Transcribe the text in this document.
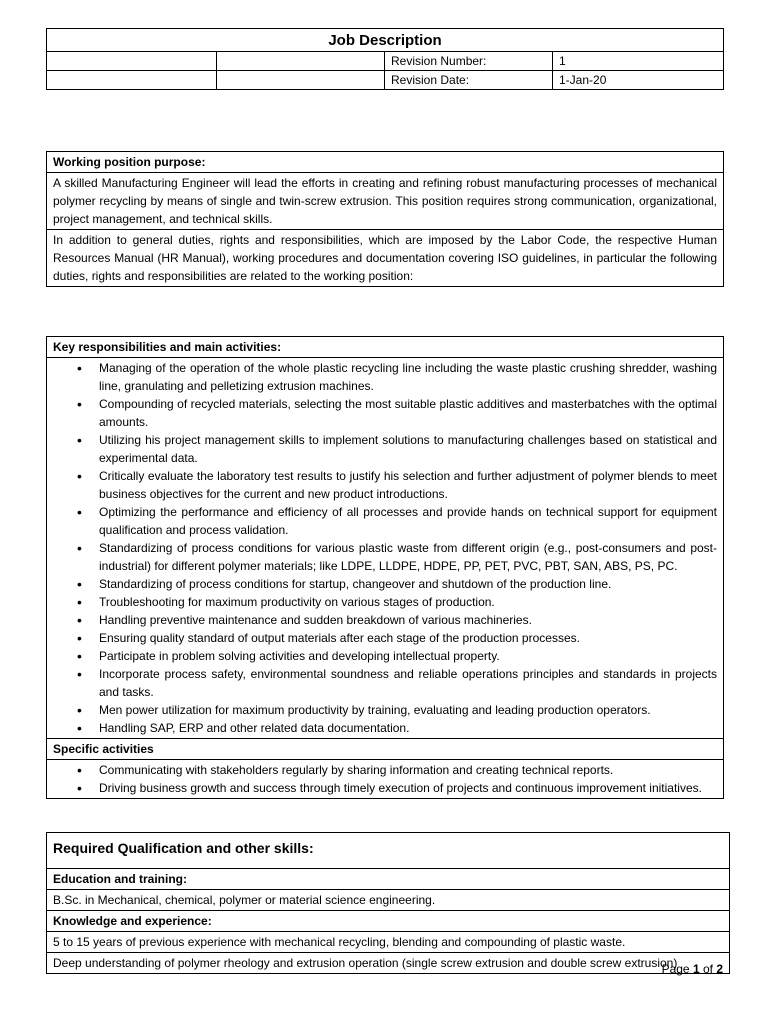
Job Description			
		Revision Number:	1
		Revision Date:	1-Jan-20
Working position purpose:
A skilled Manufacturing Engineer will lead the efforts in creating and refining robust manufacturing processes of mechanical polymer recycling by means of single and twin-screw extrusion. This position requires strong communication, organizational, project management, and technical skills.
In addition to general duties, rights and responsibilities, which are imposed by the Labor Code, the respective Human Resources Manual (HR Manual), working procedures and documentation covering ISO guidelines, in particular the following duties, rights and responsibilities are related to the working position:
Key responsibilities and main activities:
• Managing of the operation of the whole plastic recycling line including the waste plastic crushing shredder, washing line, granulating and pelletizing extrusion machines.
• Compounding of recycled materials, selecting the most suitable plastic additives and masterbatches with the optimal amounts.
• Utilizing his project management skills to implement solutions to manufacturing challenges based on statistical and experimental data.
• Critically evaluate the laboratory test results to justify his selection and further adjustment of polymer blends to meet business objectives for the current and new product introductions.
• Optimizing the performance and efficiency of all processes and provide hands on technical support for equipment qualification and process validation.
• Standardizing of process conditions for various plastic waste from different origin (e.g., post-consumers and post-industrial) for different polymer materials; like LDPE, LLDPE, HDPE, PP, PET, PVC, PBT, SAN, ABS, PS, PC.
• Standardizing of process conditions for startup, changeover and shutdown of the production line.
• Troubleshooting for maximum productivity on various stages of production.
• Handling preventive maintenance and sudden breakdown of various machineries.
• Ensuring quality standard of output materials after each stage of the production processes.
• Participate in problem solving activities and developing intellectual property.
• Incorporate process safety, environmental soundness and reliable operations principles and standards in projects and tasks.
• Men power utilization for maximum productivity by training, evaluating and leading production operators.
• Handling SAP, ERP and other related data documentation.
Specific activities
• Communicating with stakeholders regularly by sharing information and creating technical reports.
• Driving business growth and success through timely execution of projects and continuous improvement initiatives.
Required Qualification and other skills:
Education and training:
B.Sc. in Mechanical, chemical, polymer or material science engineering.
Knowledge and experience:
5 to 15 years of previous experience with mechanical recycling, blending and compounding of plastic waste.
Deep understanding of polymer rheology and extrusion operation (single screw extrusion and double screw extrusion)
Page 1 of 2
